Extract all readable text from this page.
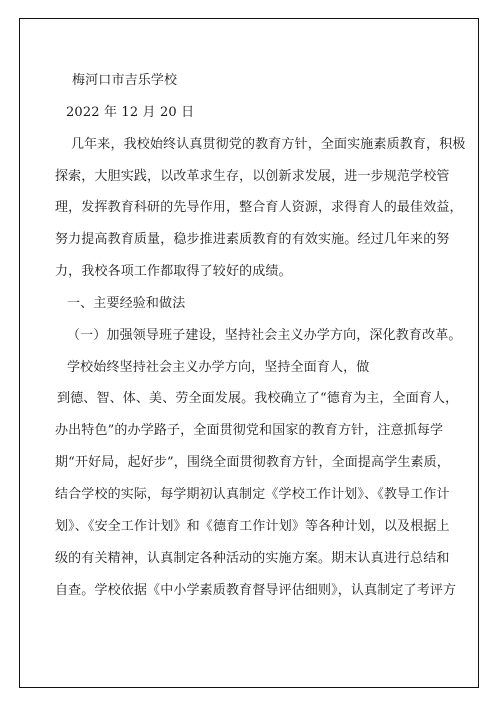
梅河口市吉乐学校
2022 年 12 月 20 日
几年来，我校始终认真贯彻党的教育方针，全面实施素质教育，积极
探索，大胆实践，以改革求生存，以创新求发展，进一步规范学校管
理，发挥教育科研的先导作用，整合育人资源，求得育人的最佳效益，
努力提高教育质量，稳步推进素质教育的有效实施。经过几年来的努
力，我校各项工作都取得了较好的成绩。
一、主要经验和做法
（一）加强领导班子建设，坚持社会主义办学方向，深化教育改革。
学校始终坚持社会主义办学方向，坚持全面育人，做
到德、智、体、美、劳全面发展。我校确立了“德育为主，全面育人，
办出特色”的办学路子，全面贯彻党和国家的教育方针，注意抓每学
期“开好局，起好步”，围绕全面贯彻教育方针，全面提高学生素质，
结合学校的实际，每学期初认真制定《学校工作计划》、《教导工作计
划》、《安全工作计划》和《德育工作计划》等各种计划，以及根据上
级的有关精神，认真制定各种活动的实施方案。期末认真进行总结和
自查。学校依据《中小学素质教育督导评估细则》，认真制定了考评方
